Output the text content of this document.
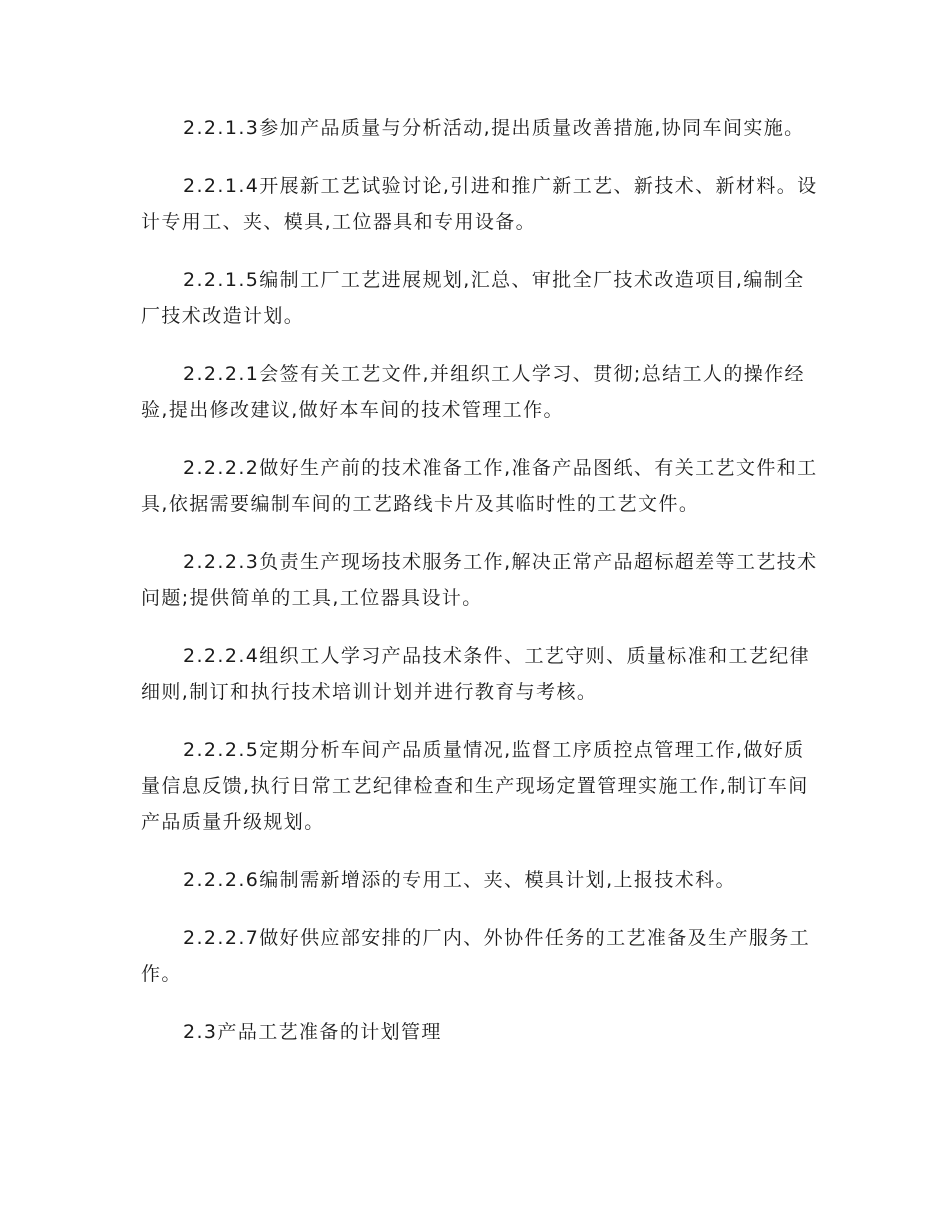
2.2.1.3参加产品质量与分析活动,提出质量改善措施,协同车间实施。

2.2.1.4开展新工艺试验讨论,引进和推广新工艺、新技术、新材料。设计专用工、夹、模具,工位器具和专用设备。

2.2.1.5编制工厂工艺进展规划,汇总、审批全厂技术改造项目,编制全厂技术改造计划。

2.2.2.1会签有关工艺文件,并组织工人学习、贯彻;总结工人的操作经验,提出修改建议,做好本车间的技术管理工作。

2.2.2.2做好生产前的技术准备工作,准备产品图纸、有关工艺文件和工具,依据需要编制车间的工艺路线卡片及其临时性的工艺文件。

2.2.2.3负责生产现场技术服务工作,解决正常产品超标超差等工艺技术问题;提供简单的工具,工位器具设计。

2.2.2.4组织工人学习产品技术条件、工艺守则、质量标准和工艺纪律细则,制订和执行技术培训计划并进行教育与考核。

2.2.2.5定期分析车间产品质量情况,监督工序质控点管理工作,做好质量信息反馈,执行日常工艺纪律检查和生产现场定置管理实施工作,制订车间产品质量升级规划。

2.2.2.6编制需新增添的专用工、夹、模具计划,上报技术科。

2.2.2.7做好供应部安排的厂内、外协件任务的工艺准备及生产服务工作。

2.3产品工艺准备的计划管理
